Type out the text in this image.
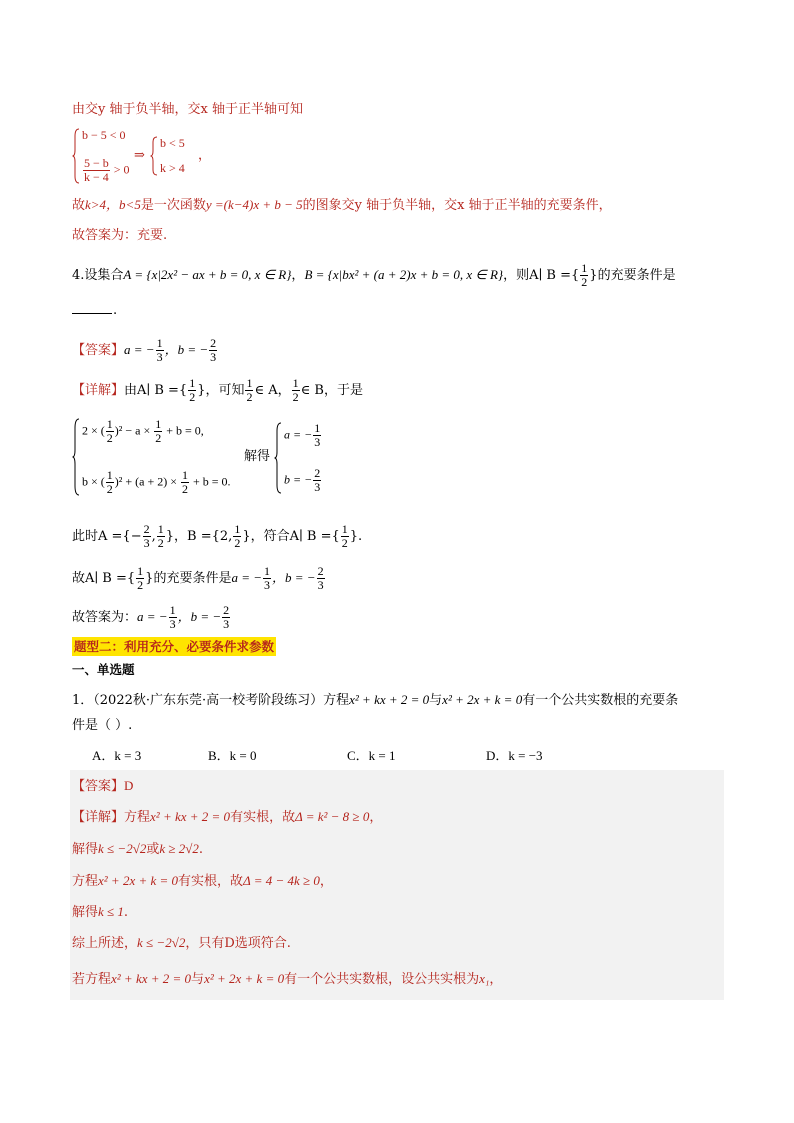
由交y 轴于负半轴，交x 轴于正半轴可知
b − 5 < 0
$\frac{5 - b}{k - 4} > 0$
⇒
b < 5
k > 4
，
故k>4，b<5是一次函数y =(k−4)x + b − 5的图象交y 轴于负半轴，交x 轴于正半轴的充要条件，
故答案为：充要.
4.设集合A = {x|2x² − ax + b = 0, x ∈ R}，B = {x|bx² + (a + 2)x + b = 0, x ∈ R}，则A∣ B ={ $\frac{1}{2}$ }的充要条件是
.
【答案】a = − $\frac{1}{3}$ ，b = − $\frac{2}{3}$
【详解】由A∣ B ={ $\frac{1}{2}$ }，可知 $\frac{1}{2}$ ∈ A， $\frac{1}{2}$ ∈ B，于是
2 × ( $\frac{1}{2} )^2 - a \times \frac{1}{2} + b = 0$,
b × ( $\frac{1}{2} )^2 + (a + 2) \times \frac{1}{2} + b = 0$.
解得
a = − $\frac{1}{3}$
b = − $\frac{2}{3}$
此时A ={− $\frac{2}{3}$ , $\frac{1}{2}$ }，B ={2, $\frac{1}{2}$ }，符合A∣ B ={ $\frac{1}{2}$ }.
故A∣ B ={ $\frac{1}{2}$ }的充要条件是a = − $\frac{1}{3}$ ，b = − $\frac{2}{3}$
故答案为：a = − $\frac{1}{3}$ ，b = − $\frac{2}{3}$
题型二：利用充分、必要条件求参数
一、单选题
1．（2022秋·广东东莞·高一校考阶段练习）方程x² + kx + 2 = 0与x² + 2x + k = 0有一个公共实数根的充要条
件是（ ）.
A．k = 3	B．k = 0	C．k = 1	D．k = −3
【答案】D
【详解】方程x² + kx + 2 = 0有实根，故Δ = k² − 8 ≥ 0，
解得k ≤ −2√2或k ≥ 2√2.
方程x² + 2x + k = 0有实根，故Δ = 4 − 4k ≥ 0，
解得k ≤ 1.
综上所述，k ≤ −2√2，只有D选项符合.
若方程x² + kx + 2 = 0与x² + 2x + k = 0有一个公共实数根，设公共实根为x₁，
